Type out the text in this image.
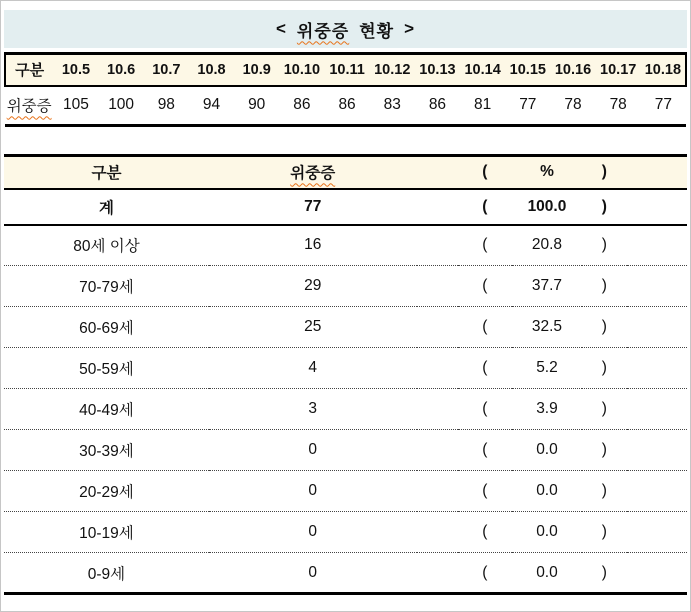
< 위중증 현황 >
구분	10.5	10.6	10.7	10.8	10.9	10.10	10.11	10.12	10.13	10.14	10.15	10.16	10.17	10.18
위중증	105	100	98	94	90	86	86	83	86	81	77	78	78	77
구분	위중증		(	%	)	
계	77		(	100.0	)	
80세 이상	16		(	20.8	)	
70-79세	29		(	37.7	)	
60-69세	25		(	32.5	)	
50-59세	4		(	5.2	)	
40-49세	3		(	3.9	)	
30-39세	0		(	0.0	)	
20-29세	0		(	0.0	)	
10-19세	0		(	0.0	)	
0-9세	0		(	0.0	)	
